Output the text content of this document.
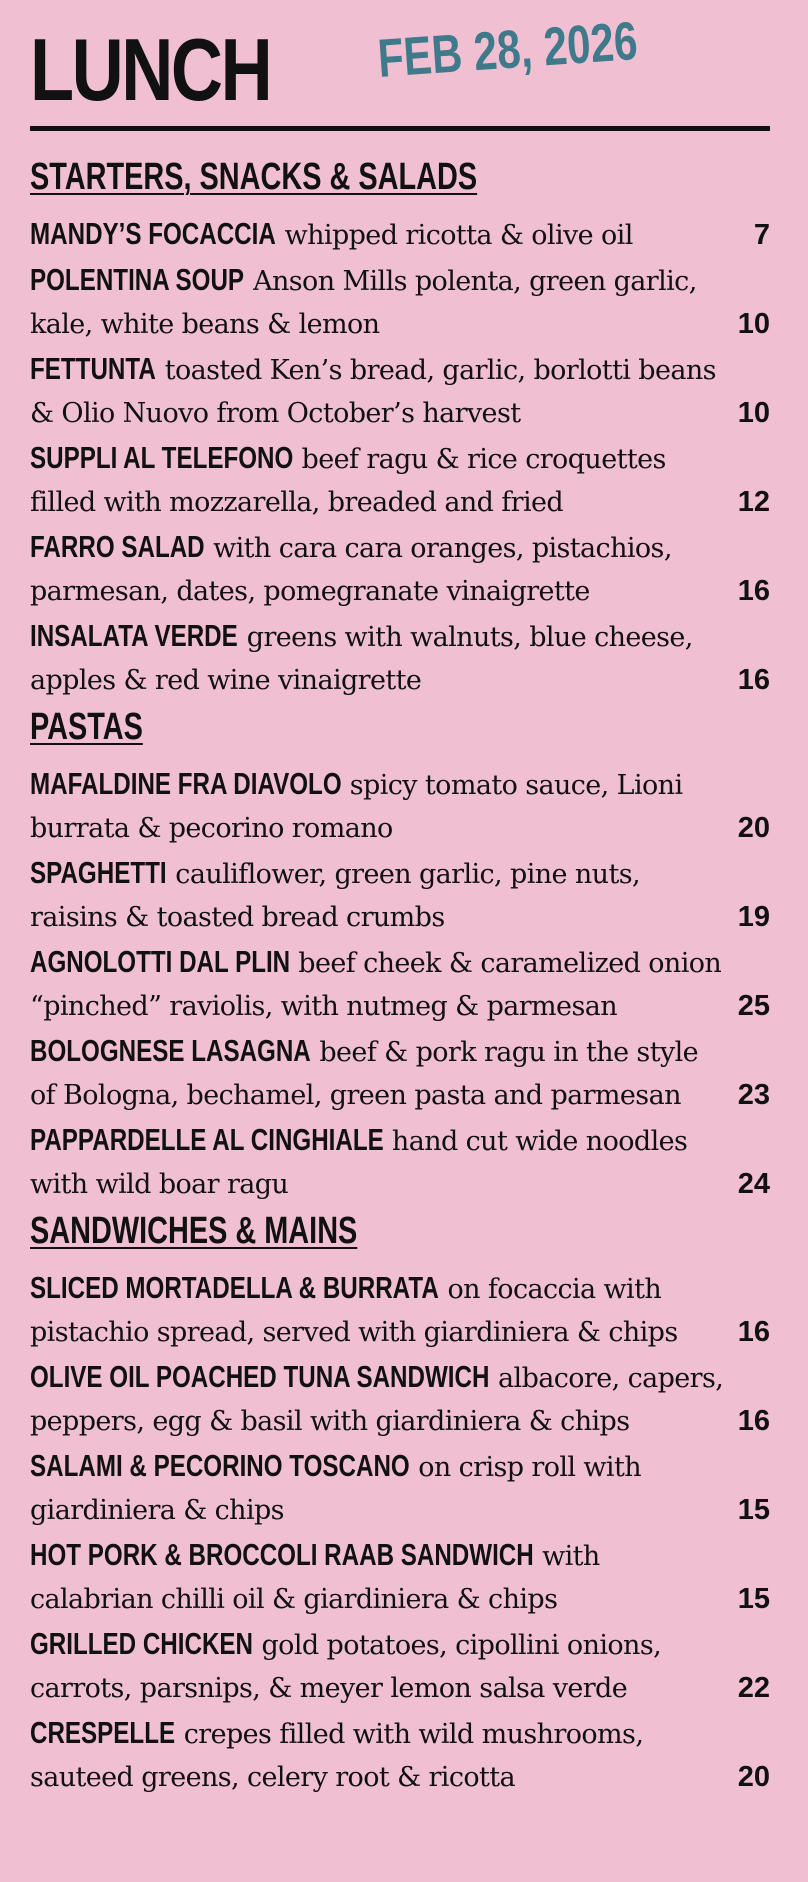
LUNCH FEB 28, 2026
STARTERS, SNACKS & SALADS
MANDY’S FOCACCIA whipped ricotta & olive oil	7
POLENTINA SOUP Anson Mills polenta, green garlic, kale, white beans & lemon	10
FETTUNTA toasted Ken’s bread, garlic, borlotti beans & Olio Nuovo from October’s harvest	10
SUPPLI AL TELEFONO beef ragu & rice croquettes filled with mozzarella, breaded and fried	12
FARRO SALAD with cara cara oranges, pistachios, parmesan, dates, pomegranate vinaigrette	16
INSALATA VERDE greens with walnuts, blue cheese, apples & red wine vinaigrette	16
PASTAS
MAFALDINE FRA DIAVOLO spicy tomato sauce, Lioni burrata & pecorino romano	20
SPAGHETTI cauliflower, green garlic, pine nuts, raisins & toasted bread crumbs	19
AGNOLOTTI DAL PLIN beef cheek & caramelized onion “pinched” raviolis, with nutmeg & parmesan	25
BOLOGNESE LASAGNA beef & pork ragu in the style of Bologna, bechamel, green pasta and parmesan 23
PAPPARDELLE AL CINGHIALE hand cut wide noodles with wild boar ragu	24
SANDWICHES & MAINS
SLICED MORTADELLA & BURRATA on focaccia with pistachio spread, served with giardiniera & chips 16
OLIVE OIL POACHED TUNA SANDWICH albacore, capers, peppers, egg & basil with giardiniera & chips	16
SALAMI & PECORINO TOSCANO on crisp roll with giardiniera & chips	15
HOT PORK & BROCCOLI RAAB SANDWICH with calabrian chilli oil & giardiniera & chips	15
GRILLED CHICKEN gold potatoes, cipollini onions, carrots, parsnips, & meyer lemon salsa verde	22
CRESPELLE crepes filled with wild mushrooms, sauteed greens, celery root & ricotta	20
